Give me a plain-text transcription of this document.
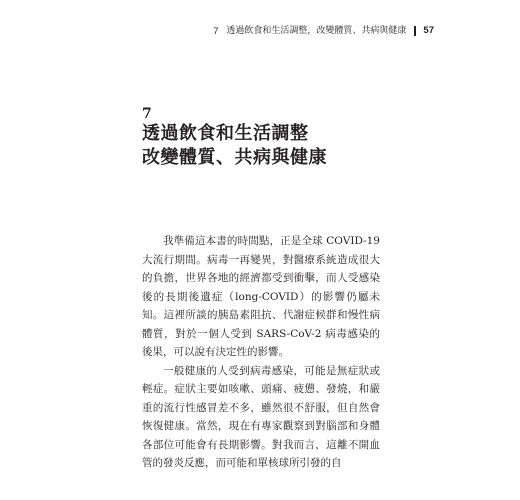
7 透過飲食和生活調整，改變體質、共病與健康 57
7
透過飲食和生活調整
改變體質、共病與健康

我準備這本書的時間點，正是全球 COVID-19 大流行期間。病毒一再變異，對醫療系統造成很大的負擔，世界各地的經濟都受到衝擊，而人受感染後的長期後遺症（long-COVID）的影響仍屬未知。這裡所談的胰島素阻抗、代謝症候群和慢性病體質，對於一個人受到 SARS-CoV-2 病毒感染的後果，可以說有決定性的影響。

一般健康的人受到病毒感染，可能是無症狀或輕症。症狀主要如咳嗽、頭痛、疲憊、發燒，和嚴重的流行性感冒差不多，雖然很不舒服，但自然會恢復健康。當然，現在有專家觀察到對腦部和身體各部位可能會有長期影響。對我而言，這離不開血管的發炎反應，而可能和單核球所引發的自
